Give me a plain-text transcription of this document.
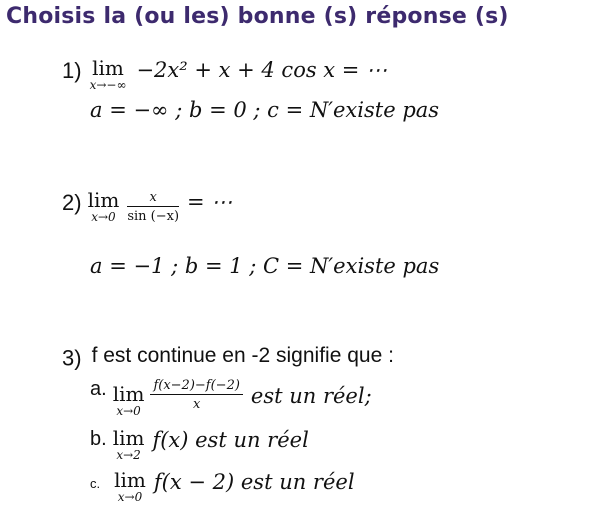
Choisis la (ou les) bonne (s) réponse (s)
1) lim
x→−∞
−2x² + x + 4 cos x = ⋯
a = −∞ ; b = 0 ; c = N′existe pas
2) lim
x→0
$\frac{x}{\sin (-x)}$ = ⋯
a = −1 ; b = 1 ; C = N′existe pas
3) f est continue en -2 signifie que :
a. lim
x→0
$\frac{f(x-2)-f(-2)}{x}$ est un réel;
b. lim
x→2
f(x) est un réel
$^{c.}$ lim
x→0
f(x − 2) est un réel
